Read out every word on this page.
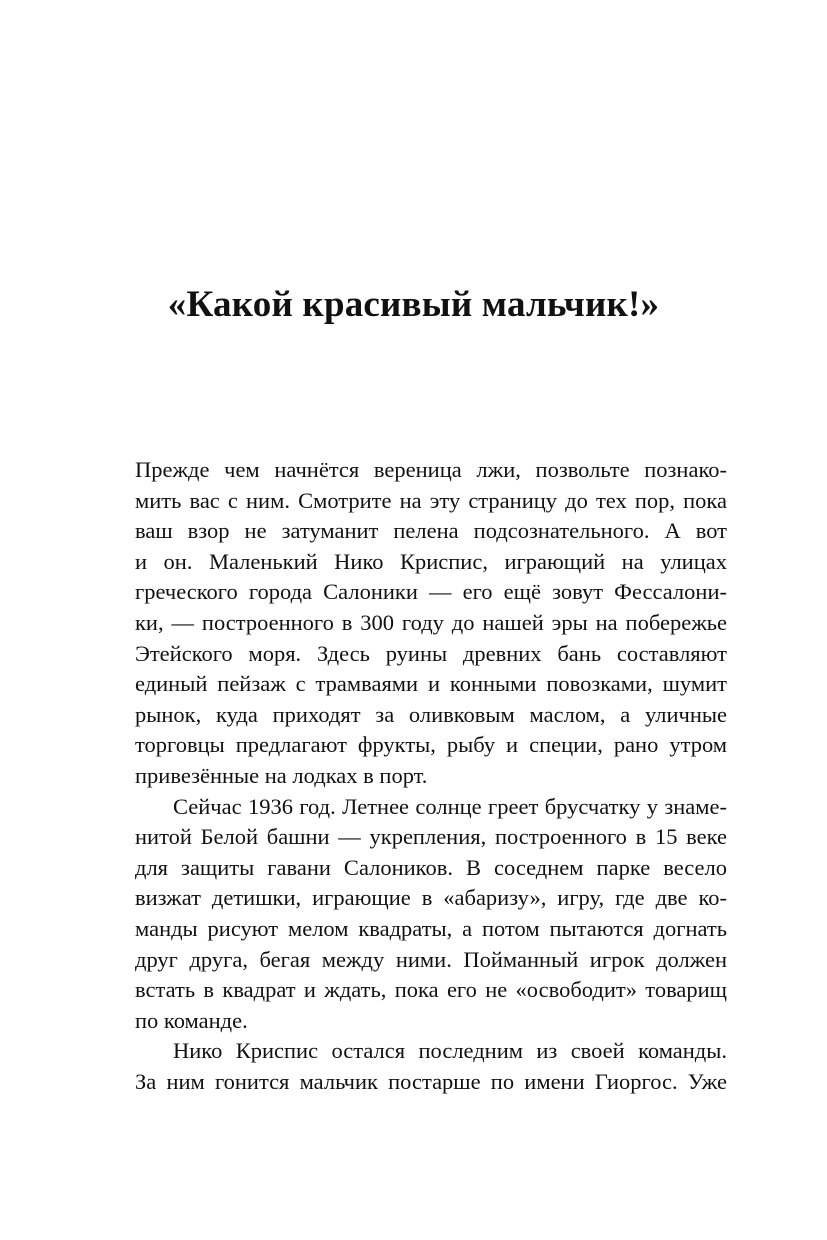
«Какой красивый мальчик!»
Прежде чем начнётся вереница лжи, позвольте познако-
мить вас с ним. Смотрите на эту страницу до тех пор, пока
ваш взор не затуманит пелена подсознательного. А вот
и он. Маленький Нико Криспис, играющий на улицах
греческого города Салоники — его ещё зовут Фессалони-
ки, — построенного в 300 году до нашей эры на побережье
Этейского моря. Здесь руины древних бань составляют
единый пейзаж с трамваями и конными повозками, шумит
рынок, куда приходят за оливковым маслом, а уличные
торговцы предлагают фрукты, рыбу и специи, рано утром
привезённые на лодках в порт.
Сейчас 1936 год. Летнее солнце греет брусчатку у знаме-
нитой Белой башни — укрепления, построенного в 15 веке
для защиты гавани Салоников. В соседнем парке весело
визжат детишки, играющие в «абаризу», игру, где две ко-
манды рисуют мелом квадраты, а потом пытаются догнать
друг друга, бегая между ними. Пойманный игрок должен
встать в квадрат и ждать, пока его не «освободит» товарищ
по команде.
Нико Криспис остался последним из своей команды.
За ним гонится мальчик постарше по имени Гиоргос. Уже
